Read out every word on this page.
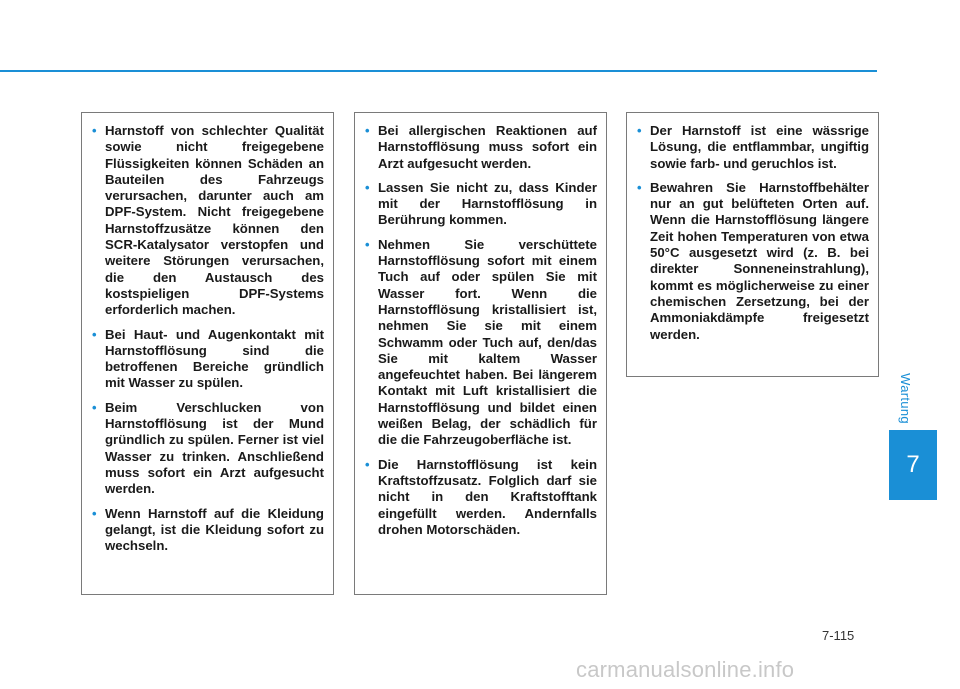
• Harnstoff von schlechter Qualität sowie nicht freigegebene Flüssigkeiten können Schäden an Bauteilen des Fahrzeugs verursachen, darunter auch am DPF-System. Nicht freigegebene Harnstoffzusätze können den SCR-Katalysator verstopfen und weitere Störungen verursachen, die den Austausch des kostspieligen DPF-Systems erforderlich machen.
• Bei Haut- und Augenkontakt mit Harnstofflösung sind die betroffenen Bereiche gründlich mit Wasser zu spülen.
• Beim Verschlucken von Harnstofflösung ist der Mund gründlich zu spülen. Ferner ist viel Wasser zu trinken. Anschließend muss sofort ein Arzt aufgesucht werden.
• Wenn Harnstoff auf die Kleidung gelangt, ist die Kleidung sofort zu wechseln.
• Bei allergischen Reaktionen auf Harnstofflösung muss sofort ein Arzt aufgesucht werden.
• Lassen Sie nicht zu, dass Kinder mit der Harnstofflösung in Berührung kommen.
• Nehmen Sie verschüttete Harnstofflösung sofort mit einem Tuch auf oder spülen Sie mit Wasser fort. Wenn die Harnstofflösung kristallisiert ist, nehmen Sie sie mit einem Schwamm oder Tuch auf, den/das Sie mit kaltem Wasser angefeuchtet haben. Bei längerem Kontakt mit Luft kristallisiert die Harnstofflösung und bildet einen weißen Belag, der schädlich für die die Fahrzeugoberfläche ist.
• Die Harnstofflösung ist kein Kraftstoffzusatz. Folglich darf sie nicht in den Kraftstofftank eingefüllt werden. Andernfalls drohen Motorschäden.
• Der Harnstoff ist eine wässrige Lösung, die entflammbar, ungiftig sowie farb- und geruchlos ist.
• Bewahren Sie Harnstoffbehälter nur an gut belüfteten Orten auf. Wenn die Harnstofflösung längere Zeit hohen Temperaturen von etwa 50°C ausgesetzt wird (z. B. bei direkter Sonneneinstrahlung), kommt es möglicherweise zu einer chemischen Zersetzung, bei der Ammoniakdämpfe freigesetzt werden.
Wartung
7
7-115
carmanualsonline.info
